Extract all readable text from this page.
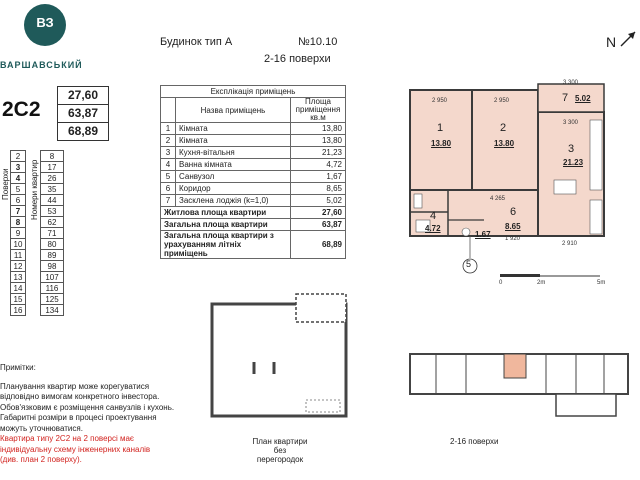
ВЗ
ВАРШАВСЬКИЙ
Будинок тип А	№10.10
2-16 поверхи
N
2С2
27,60
63,87
68,89
Поверхи	Номери квартир
2		8
3		17
4		26
5		35
6		44
7		53
8		62
9		71
10		80
11		89
12		98
13		107
14		116
15		125
16		134
Експлікація приміщень		
	Назва приміщень	Площа приміщення кв.м
1	Кімната	13,80
2	Кімната	13,80
3	Кухня-вітальня	21,23
4	Ванна кімната	4,72
5	Санвузол	1,67
6	Коридор	8,65
7	Засклена лоджія (k=1,0)	5,02
Житлова площа квартири		27,60
Загальна площа квартири		63,87
Загальна площа квартири з урахуванням літніх приміщень		68,89
1
13.80
2
13.80	3
21.23
4
4.72
1.67
6
8.65
7 5.02
5
0	2m	5m
2 950	2 950
3 300
3 300
4 265
2 910
1 920
План квартири
без перегородок
2-16 поверхи
Примітки:
Планування квартир може корегуватися
відповідно вимогам конкретного інвестора.
Обов'язковим є розміщення санвузлів і кухонь.
Габаритні розміри в процесі проектування
можуть уточнюватися.
Квартира типу 2С2 на 2 поверсі має
індивідуальну схему інженерних каналів
(див. план 2 поверху).
